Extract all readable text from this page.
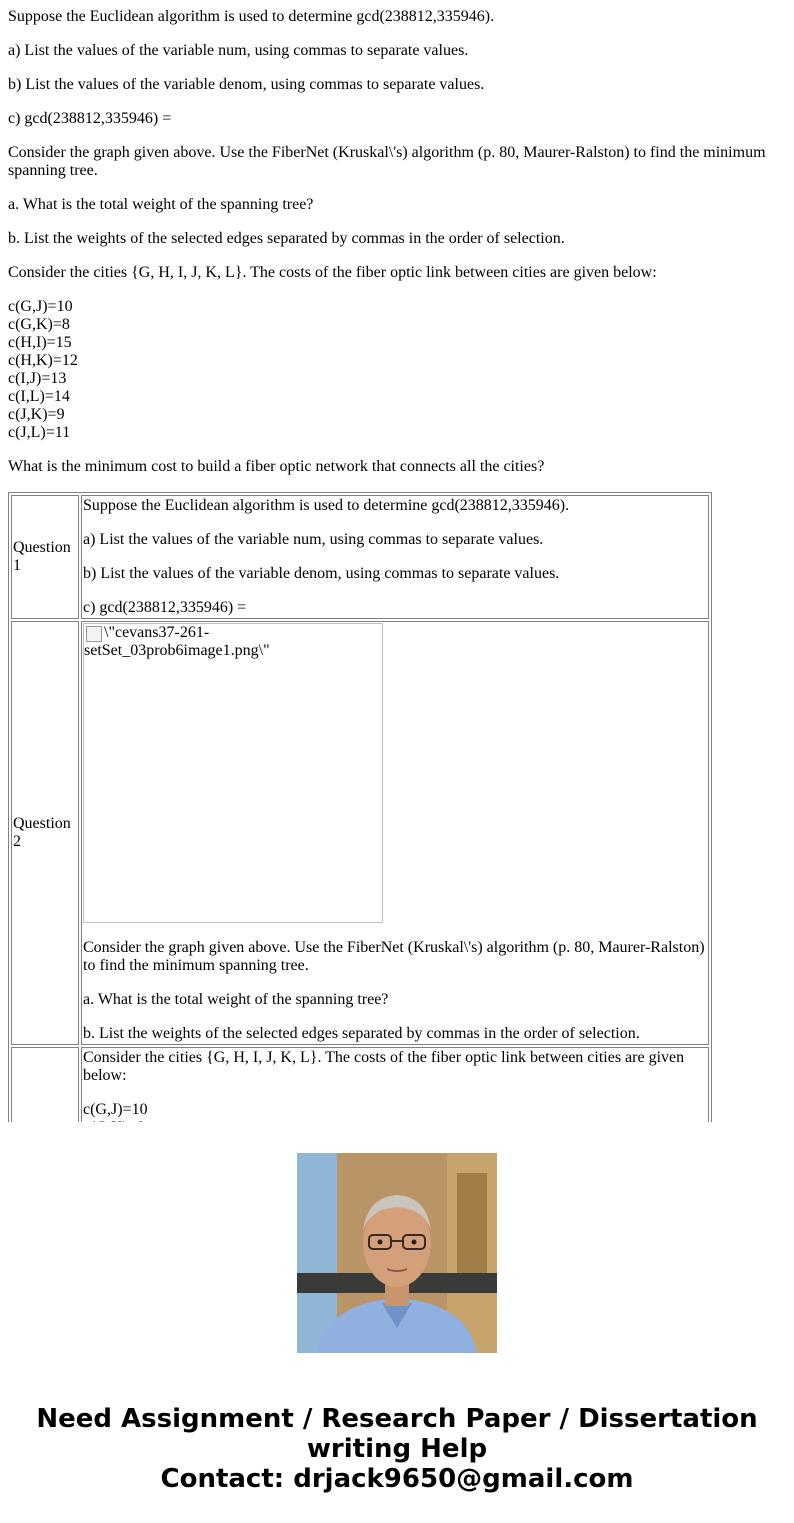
Suppose the Euclidean algorithm is used to determine gcd(238812,335946).

a) List the values of the variable num, using commas to separate values.

b) List the values of the variable denom, using commas to separate values.

c) gcd(238812,335946) =

Consider the graph given above. Use the FiberNet (Kruskal\'s) algorithm (p. 80, Maurer-Ralston) to find the minimum spanning tree.

a. What is the total weight of the spanning tree?

b. List the weights of the selected edges separated by commas in the order of selection.

Consider the cities {G, H, I, J, K, L}. The costs of the fiber optic link between cities are given below:

c(G,J)=10
c(G,K)=8
c(H,I)=15
c(H,K)=12
c(I,J)=13
c(I,L)=14
c(J,K)=9
c(J,L)=11

What is the minimum cost to build a fiber optic network that connects all the cities?

Question 1	Suppose the Euclidean algorithm is used to determine gcd(238812,335946).

a) List the values of the variable num, using commas to separate values.

b) List the values of the variable denom, using commas to separate values.

c) gcd(238812,335946) =

Question 2	\"cevans37-261-setSet_03prob6image1.png\"

Consider the graph given above. Use the FiberNet (Kruskal\'s) algorithm (p. 80, Maurer-Ralston) to find the minimum spanning tree.

a. What is the total weight of the spanning tree?

b. List the weights of the selected edges separated by commas in the order of selection.

	Consider the cities {G, H, I, J, K, L}. The costs of the fiber optic link between cities are given below:

c(G,J)=10
Need Assignment / Research Paper / Dissertation writing Help
Contact: drjack9650@gmail.com
